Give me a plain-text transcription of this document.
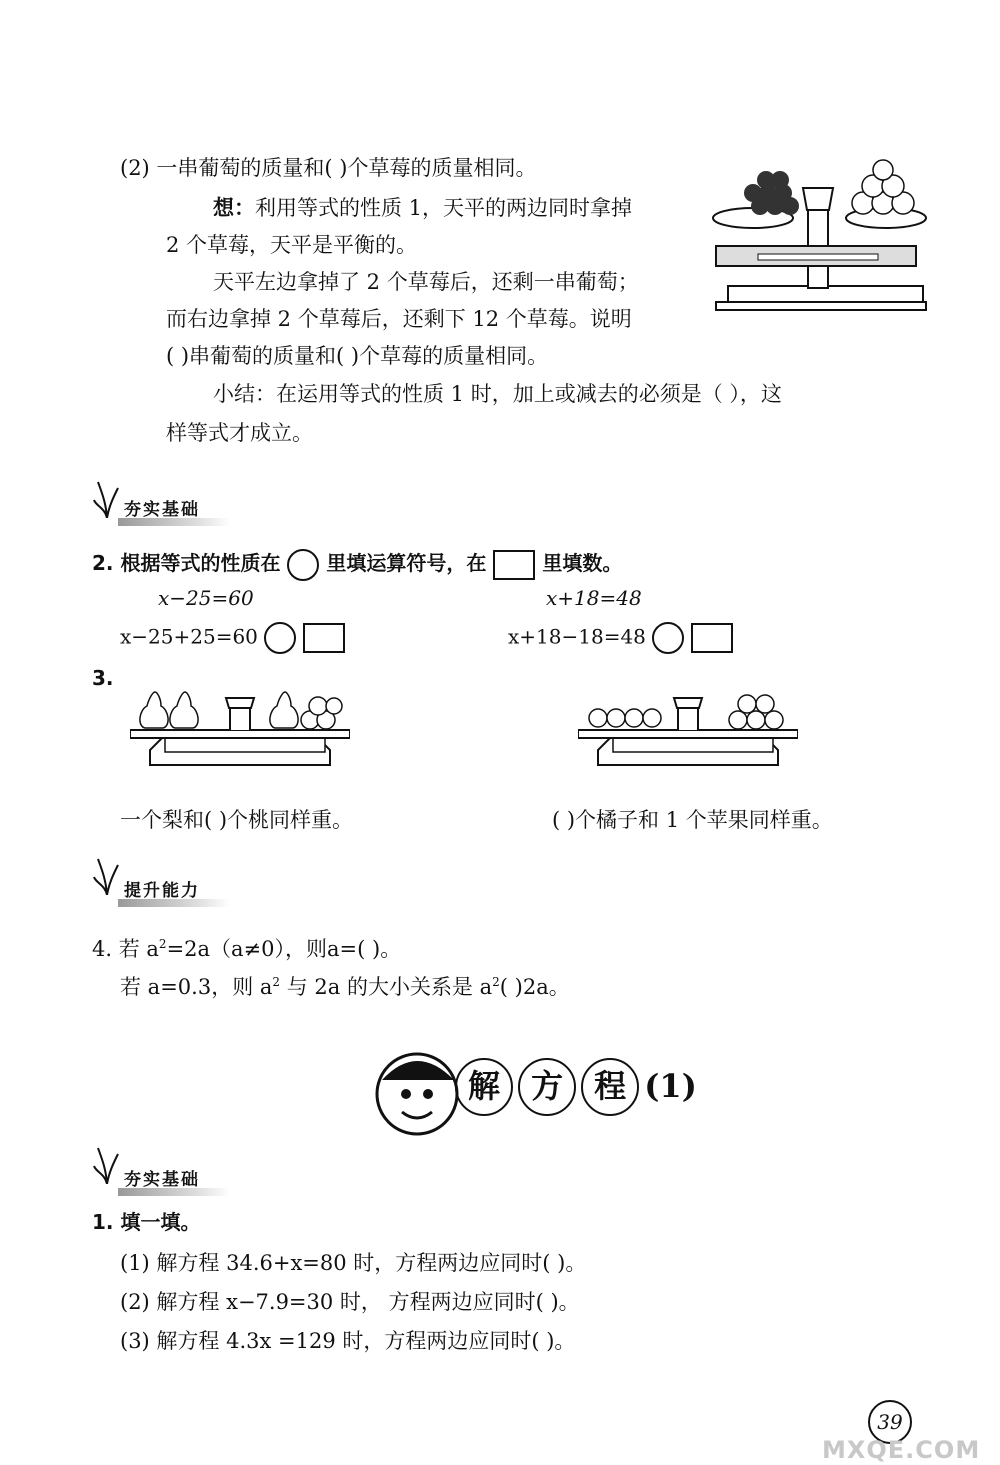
(2) 一串葡萄的质量和( )个草莓的质量相同。
想：利用等式的性质 1，天平的两边同时拿掉
2 个草莓，天平是平衡的。
天平左边拿掉了 2 个草莓后，还剩一串葡萄；
而右边拿掉 2 个草莓后，还剩下 12 个草莓。说明
( )串葡萄的质量和( )个草莓的质量相同。
小结：在运用等式的性质 1 时，加上或减去的必须是（ ），这
样等式才成立。
夯实基础
2. 根据等式的性质在 里填运算符号，在	里填数。
x−25=60
x−25+25=60
x+18=48
x+18−18=48
3.
一个梨和( )个桃同样重。	( )个橘子和 1 个苹果同样重。
提升能力
4. 若 $a^2=2a(a\ne 0)$，则a=( )。
若 a=0.3，则 $a^2$ 与 2a 的大小关系是 $a^2$( )2a。
解 方 程 (1)
夯实基础
1. 填一填。
(1) 解方程 34.6+x=80 时，方程两边应同时( )。
(2) 解方程 x−7.9=30 时， 方程两边应同时( )。
(3) 解方程 4.3x =129 时，方程两边应同时( )。
39
MXQE.COM
